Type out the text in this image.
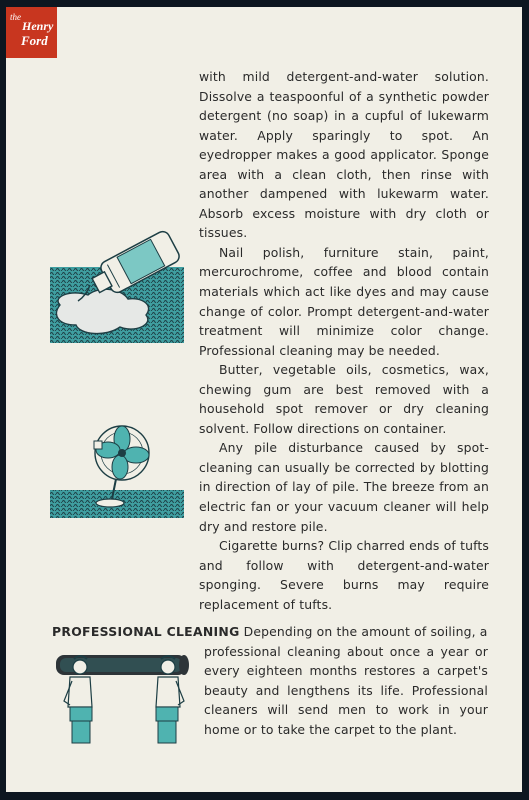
the
Henry
Ford

with mild detergent-and-water solution. Dissolve a teaspoonful of a synthetic powder detergent (no soap) in a cupful of lukewarm water. Apply sparingly to spot. An eyedropper makes a good applicator. Sponge area with a clean cloth, then rinse with another dampened with lukewarm water. Absorb excess moisture with dry cloth or tissues.

Nail polish, furniture stain, paint, mercurochrome, coffee and blood contain materials which act like dyes and may cause change of color. Prompt detergent-and-water treatment will minimize color change. Professional cleaning may be needed.

Butter, vegetable oils, cosmetics, wax, chewing gum are best removed with a household spot remover or dry cleaning solvent. Follow directions on container.

Any pile disturbance caused by spot-cleaning can usually be corrected by blotting in direction of lay of pile. The breeze from an electric fan or your vacuum cleaner will help dry and restore pile.

Cigarette burns? Clip charred ends of tufts and follow with detergent-and-water sponging. Severe burns may require replacement of tufts.

PROFESSIONAL CLEANING Depending on the amount of soiling, a

professional cleaning about once a year or every eighteen months restores a carpet's beauty and lengthens its life. Professional cleaners will send men to work in your home or to take the carpet to the plant.
